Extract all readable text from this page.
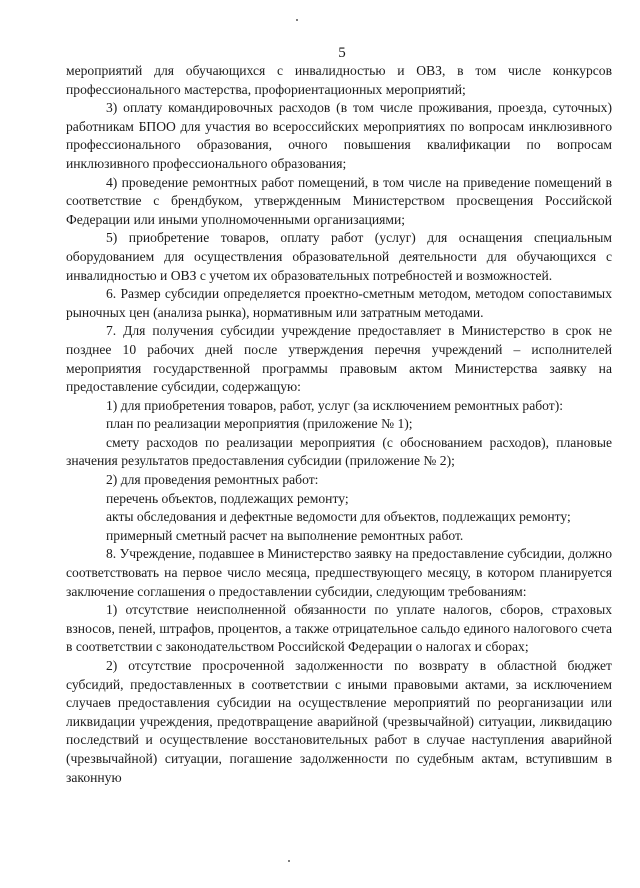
5

мероприятий для обучающихся с инвалидностью и ОВЗ, в том числе конкурсов профессионального мастерства, профориентационных мероприятий;

3) оплату командировочных расходов (в том числе проживания, проезда, суточных) работникам БПОО для участия во всероссийских мероприятиях по вопросам инклюзивного профессионального образования, очного повышения квалификации по вопросам инклюзивного профессионального образования;

4) проведение ремонтных работ помещений, в том числе на приведение помещений в соответствие с брендбуком, утвержденным Министерством просвещения Российской Федерации или иными уполномоченными организациями;

5) приобретение товаров, оплату работ (услуг) для оснащения специальным оборудованием для осуществления образовательной деятельности для обучающихся с инвалидностью и ОВЗ с учетом их образовательных потребностей и возможностей.

6. Размер субсидии определяется проектно-сметным методом, методом сопоставимых рыночных цен (анализа рынка), нормативным или затратным методами.

7. Для получения субсидии учреждение предоставляет в Министерство в срок не позднее 10 рабочих дней после утверждения перечня учреждений – исполнителей мероприятия государственной программы правовым актом Министерства заявку на предоставление субсидии, содержащую:

1) для приобретения товаров, работ, услуг (за исключением ремонтных работ):

план по реализации мероприятия (приложение № 1);

смету расходов по реализации мероприятия (с обоснованием расходов), плановые значения результатов предоставления субсидии (приложение № 2);

2) для проведения ремонтных работ:

перечень объектов, подлежащих ремонту;

акты обследования и дефектные ведомости для объектов, подлежащих ремонту;

примерный сметный расчет на выполнение ремонтных работ.

8. Учреждение, подавшее в Министерство заявку на предоставление субсидии, должно соответствовать на первое число месяца, предшествующего месяцу, в котором планируется заключение соглашения о предоставлении субсидии, следующим требованиям:

1) отсутствие неисполненной обязанности по уплате налогов, сборов, страховых взносов, пеней, штрафов, процентов, а также отрицательное сальдо единого налогового счета в соответствии с законодательством Российской Федерации о налогах и сборах;

2) отсутствие просроченной задолженности по возврату в областной бюджет субсидий, предоставленных в соответствии с иными правовыми актами, за исключением случаев предоставления субсидии на осуществление мероприятий по реорганизации или ликвидации учреждения, предотвращение аварийной (чрезвычайной) ситуации, ликвидацию последствий и осуществление восстановительных работ в случае наступления аварийной (чрезвычайной) ситуации, погашение задолженности по судебным актам, вступившим в законную
